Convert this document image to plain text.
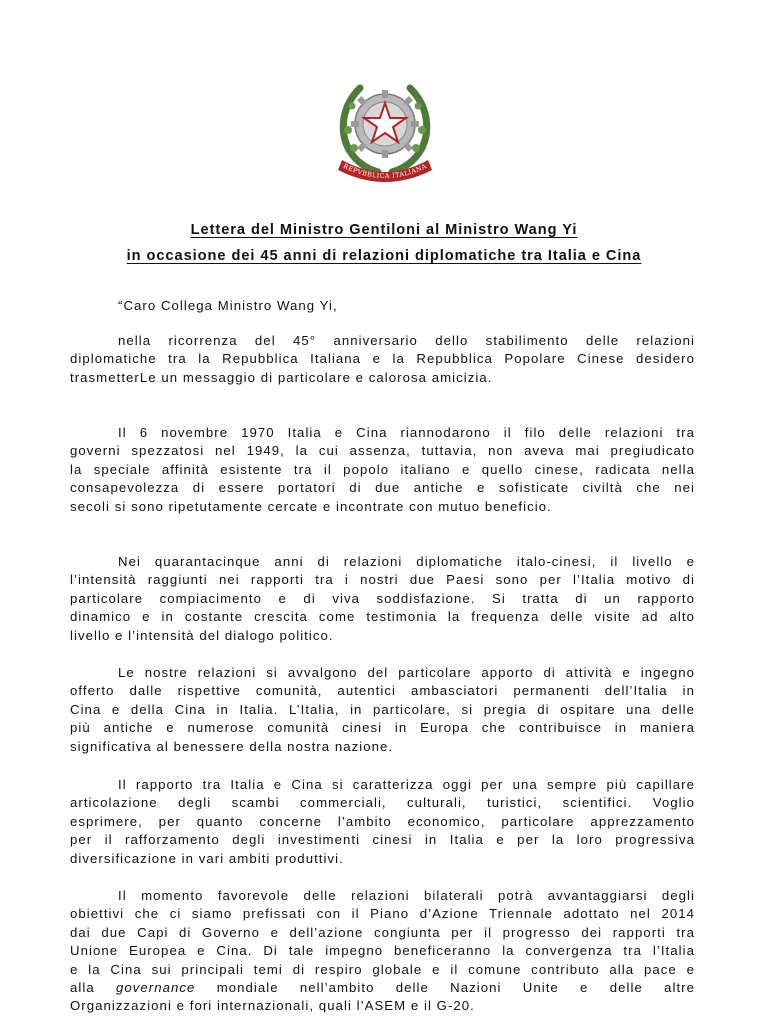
REPVBBLICA ITALIANA
Lettera del Ministro Gentiloni al Ministro Wang Yi
in occasione dei 45 anni di relazioni diplomatiche tra Italia e Cina

“Caro Collega Ministro Wang Yi,

nella ricorrenza del 45° anniversario dello stabilimento delle relazioni
diplomatiche tra la Repubblica Italiana e la Repubblica Popolare Cinese desidero
trasmetterLe un messaggio di particolare e calorosa amicizia.

Il 6 novembre 1970 Italia e Cina riannodarono il filo delle relazioni tra
governi spezzatosi nel 1949, la cui assenza, tuttavia, non aveva mai pregiudicato
la speciale affinità esistente tra il popolo italiano e quello cinese, radicata nella
consapevolezza di essere portatori di due antiche e sofisticate civiltà che nei
secoli si sono ripetutamente cercate e incontrate con mutuo beneficio.

Nei quarantacinque anni di relazioni diplomatiche italo-cinesi, il livello e
l’intensità raggiunti nei rapporti tra i nostri due Paesi sono per l’Italia motivo di
particolare compiacimento e di viva soddisfazione. Si tratta di un rapporto
dinamico e in costante crescita come testimonia la frequenza delle visite ad alto
livello e l’intensità del dialogo politico.

Le nostre relazioni si avvalgono del particolare apporto di attività e ingegno
offerto dalle rispettive comunità, autentici ambasciatori permanenti dell’Italia in
Cina e della Cina in Italia. L’Italia, in particolare, si pregia di ospitare una delle
più antiche e numerose comunità cinesi in Europa che contribuisce in maniera
significativa al benessere della nostra nazione.

Il rapporto tra Italia e Cina si caratterizza oggi per una sempre più capillare
articolazione degli scambi commerciali, culturali, turistici, scientifici. Voglio
esprimere, per quanto concerne l’ambito economico, particolare apprezzamento
per il rafforzamento degli investimenti cinesi in Italia e per la loro progressiva
diversificazione in vari ambiti produttivi.

Il momento favorevole delle relazioni bilaterali potrà avvantaggiarsi degli
obiettivi che ci siamo prefissati con il Piano d’Azione Triennale adottato nel 2014
dai due Capi di Governo e dell’azione congiunta per il progresso dei rapporti tra
Unione Europea e Cina. Di tale impegno beneficeranno la convergenza tra l’Italia
e la Cina sui principali temi di respiro globale e il comune contributo alla pace e
alla governance mondiale nell’ambito delle Nazioni Unite e delle altre
Organizzazioni e fori internazionali, quali l’ASEM e il G-20.
